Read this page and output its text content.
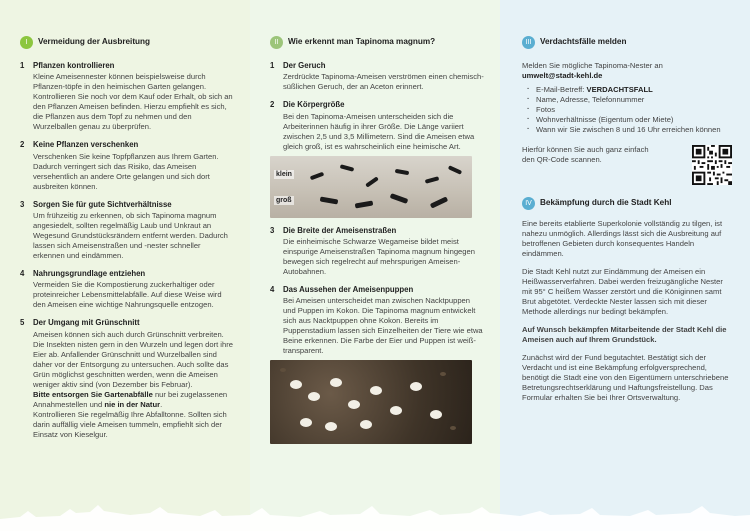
I	Vermeidung der Ausbreitung
1	Pflanzen kontrollieren
Kleine Ameisennester können beispielsweise durch Pflanzen-töpfe in den heimischen Garten gelangen. Kontrollieren Sie noch vor dem Kauf oder Erhalt, ob sich an den Pflanzen Ameisen befinden. Hierzu empfiehlt es sich, die Pflanzen aus dem Topf zu nehmen und den Wurzelballen genau zu überprüfen.
2	Keine Pflanzen verschenken
Verschenken Sie keine Topfpflanzen aus Ihrem Garten. Dadurch verringert sich das Risiko, das Ameisen versehentlich an andere Orte gelangen und sich dort ausbreiten können.
3	Sorgen Sie für gute Sichtverhältnisse
Um frühzeitig zu erkennen, ob sich Tapinoma magnum angesiedelt, sollten regelmäßig Laub und Unkraut an Wegesund Grundstücksrändern entfernt werden. Dadurch lassen sich Ameisenstraßen und -nester schneller erkennen und eindämmen.
4	Nahrungsgrundlage entziehen
Vermeiden Sie die Kompostierung zuckerhaltiger oder proteinreicher Lebensmittelabfälle. Auf diese Weise wird den Ameisen eine wichtige Nahrungsquelle entzogen.
5	Der Umgang mit Grünschnitt
Ameisen können sich auch durch Grünschnitt verbreiten. Die Insekten nisten gern in den Wurzeln und legen dort ihre Eier ab. Anfallender Grünschnitt und Wurzelballen sind daher vor der Entsorgung zu untersuchen. Auch sollte das Grün möglichst geschnitten werden, wenn die Ameisen weniger aktiv sind (von Dezember bis Februar).
Bitte entsorgen Sie Gartenabfälle nur bei zugelassenen Annahmestellen und nie in der Natur.
Kontrollieren Sie regelmäßig Ihre Abfalltonne. Sollten sich darin auffällig viele Ameisen tummeln, empfiehlt sich der Einsatz von Kieselgur.
II	Wie erkennt man Tapinoma magnum?
1	Der Geruch
Zerdrückte Tapinoma-Ameisen verströmen einen chemisch-süßlichen Geruch, der an Aceton erinnert.
2	Die Körpergröße
Bei den Tapinoma-Ameisen unterscheiden sich die Arbeiterinnen häufig in ihrer Größe. Die Länge variiert zwischen 2,5 und 3,5 Millimetern. Sind die Ameisen etwa gleich groß, ist es wahrscheinlich eine heimische Art.
klein
groß
3	Die Breite der Ameisenstraßen
Die einheimische Schwarze Wegameise bildet meist einspurige Ameisenstraßen Tapinoma magnum hingegen bewegen sich regelrecht auf mehrspurigen Ameisen-Autobahnen.
4	Das Aussehen der Ameisenpuppen
Bei Ameisen unterscheidet man zwischen Nacktpuppen und Puppen im Kokon. Die Tapinoma magnum entwickelt sich aus Nacktpuppen ohne Kokon. Bereits im Puppenstadium lassen sich Einzelheiten der Tiere wie etwa Beine erkennen. Die Farbe der Eier und Puppen ist weiß-transparent.
III	Verdachtsfälle melden
Melden Sie mögliche Tapinoma-Nester an
umwelt@stadt-kehl.de
· E-Mail-Betreff: VERDACHTSFALL
· Name, Adresse, Telefonnummer
· Fotos
· Wohnverhältnisse (Eigentum oder Miete)
· Wann wir Sie zwischen 8 und 16 Uhr erreichen können
Hierfür können Sie auch ganz einfach den QR-Code scannen.
IV Bekämpfung durch die Stadt Kehl
Eine bereits etablierte Superkolonie vollständig zu tilgen, ist nahezu unmöglich. Allerdings lässt sich die Ausbreitung auf betroffenen Gebieten durch konsequentes Handeln eindämmen.
Die Stadt Kehl nutzt zur Eindämmung der Ameisen ein Heißwasserverfahren. Dabei werden freizugängliche Nester mit 95° C heißem Wasser zerstört und die Königinnen samt Brut abgetötet. Verdeckte Nester lassen sich mit dieser Methode allerdings nur bedingt bekämpfen.
Auf Wunsch bekämpfen Mitarbeitende der Stadt Kehl die Ameisen auch auf Ihrem Grundstück.
Zunächst wird der Fund begutachtet. Bestätigt sich der Verdacht und ist eine Bekämpfung erfolgversprechend, benötigt die Stadt eine von den Eigentümern unterschriebene Betretungsrechtserklärung und Haftungsfreistellung. Das Formular erhalten Sie bei Ihrer Ortsverwaltung.
